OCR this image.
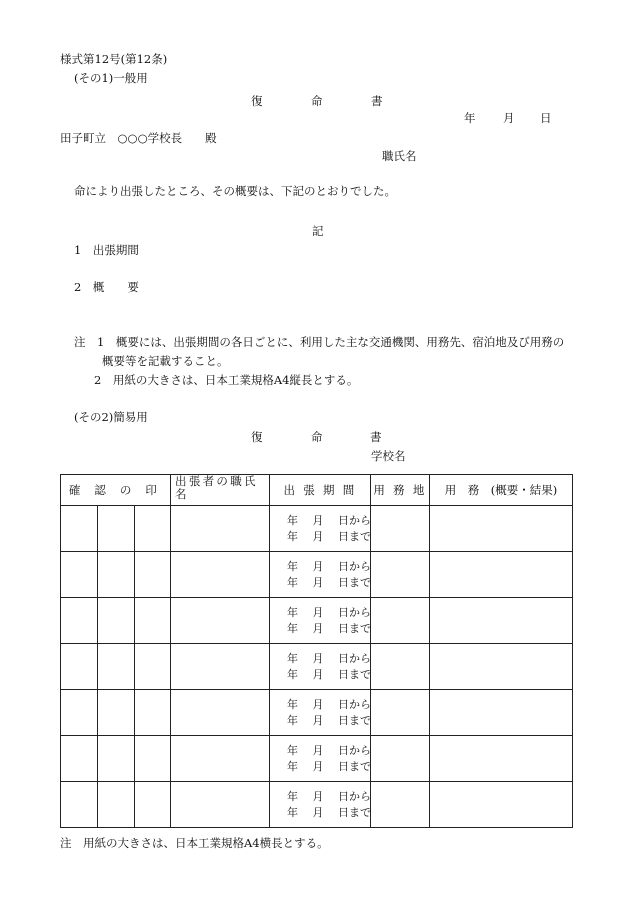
様式第12号(第12条)
(その1)一般用
復	命	書
年 月 日
田子町立　○○○学校長　　殿
職氏名
命により出張したところ、その概要は、下記のとおりでした。
記
1　出張期間
2　概　　要
注　1　概要には、出張期間の各日ごとに、利用した主な交通機関、用務先、宿泊地及び用務の
概要等を記載すること。
2　用紙の大きさは、日本工業規格A4縦長とする。
(その2)簡易用
復	命	書
学校名
確 認 の 印			出張者の職氏名	出 張 期 間	用 務 地	用　務　(概要・結果)

				年　 月　 日から
年　 月　 日まで		

				年　 月　 日から
年　 月　 日まで		

				年　 月　 日から
年　 月　 日まで		

				年　 月　 日から
年　 月　 日まで		

				年　 月　 日から
年　 月　 日まで		

				年　 月　 日から
年　 月　 日まで		

				年　 月　 日から
年　 月　 日まで		

注　用紙の大きさは、日本工業規格A4横長とする。
